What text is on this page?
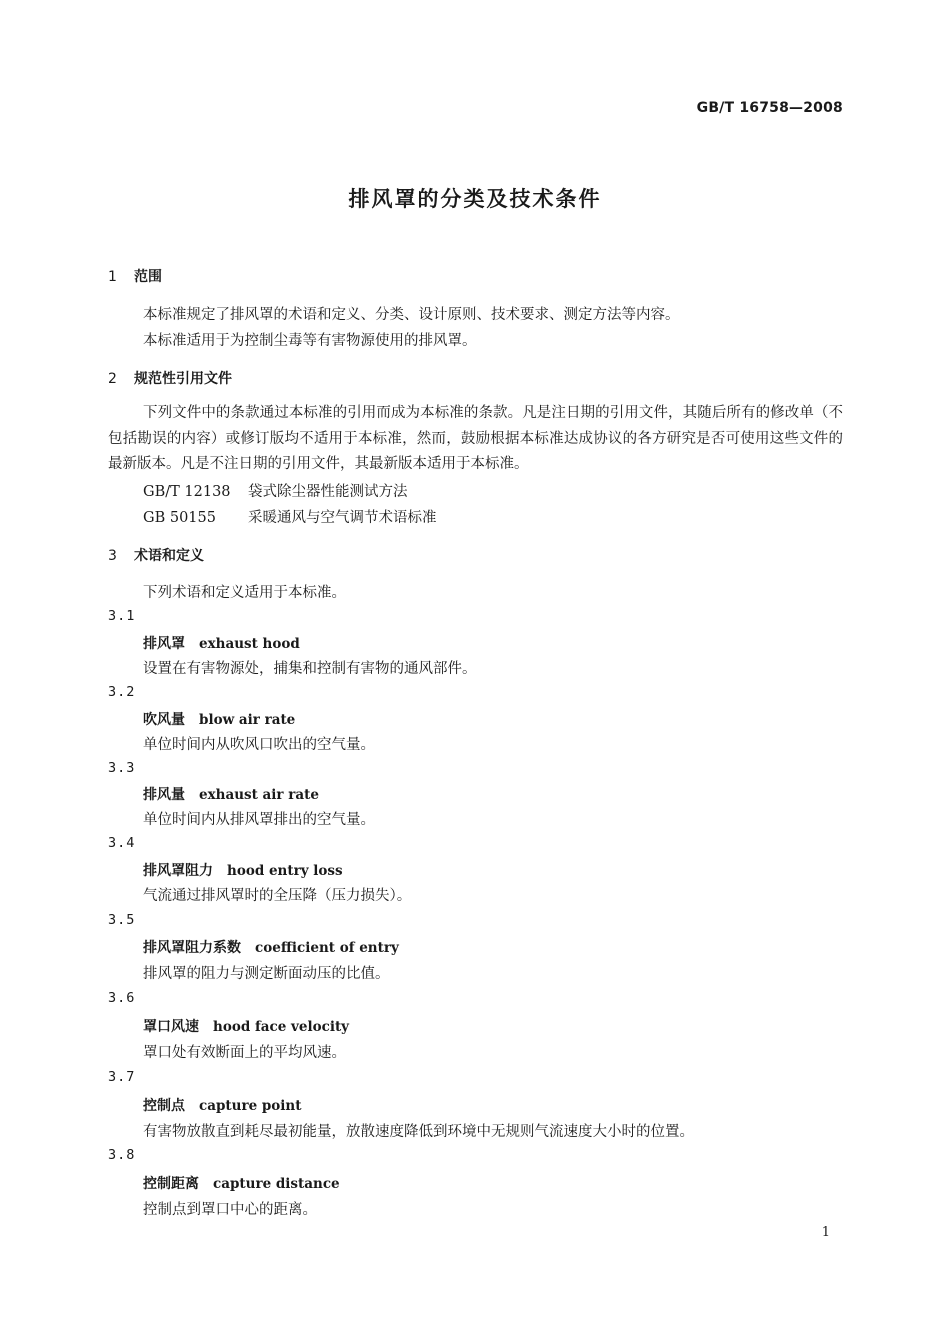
GB/T 16758—2008
排风罩的分类及技术条件
1 范围
本标准规定了排风罩的术语和定义、分类、设计原则、技术要求、测定方法等内容。
本标准适用于为控制尘毒等有害物源使用的排风罩。
2 规范性引用文件
下列文件中的条款通过本标准的引用而成为本标准的条款。凡是注日期的引用文件，其随后所有的修改单（不包括勘误的内容）或修订版均不适用于本标准，然而，鼓励根据本标准达成协议的各方研究是否可使用这些文件的最新版本。凡是不注日期的引用文件，其最新版本适用于本标准。
GB/T 12138 袋式除尘器性能测试方法
GB 50155 采暖通风与空气调节术语标准
3 术语和定义
下列术语和定义适用于本标准。
3.1
排风罩 exhaust hood
设置在有害物源处，捕集和控制有害物的通风部件。
3.2
吹风量 blow air rate
单位时间内从吹风口吹出的空气量。
3.3
排风量 exhaust air rate
单位时间内从排风罩排出的空气量。
3.4
排风罩阻力 hood entry loss
气流通过排风罩时的全压降（压力损失）。
3.5
排风罩阻力系数 coefficient of entry
排风罩的阻力与测定断面动压的比值。
3.6
罩口风速 hood face velocity
罩口处有效断面上的平均风速。
3.7
控制点 capture point
有害物放散直到耗尽最初能量，放散速度降低到环境中无规则气流速度大小时的位置。
3.8
控制距离 capture distance
控制点到罩口中心的距离。
1
